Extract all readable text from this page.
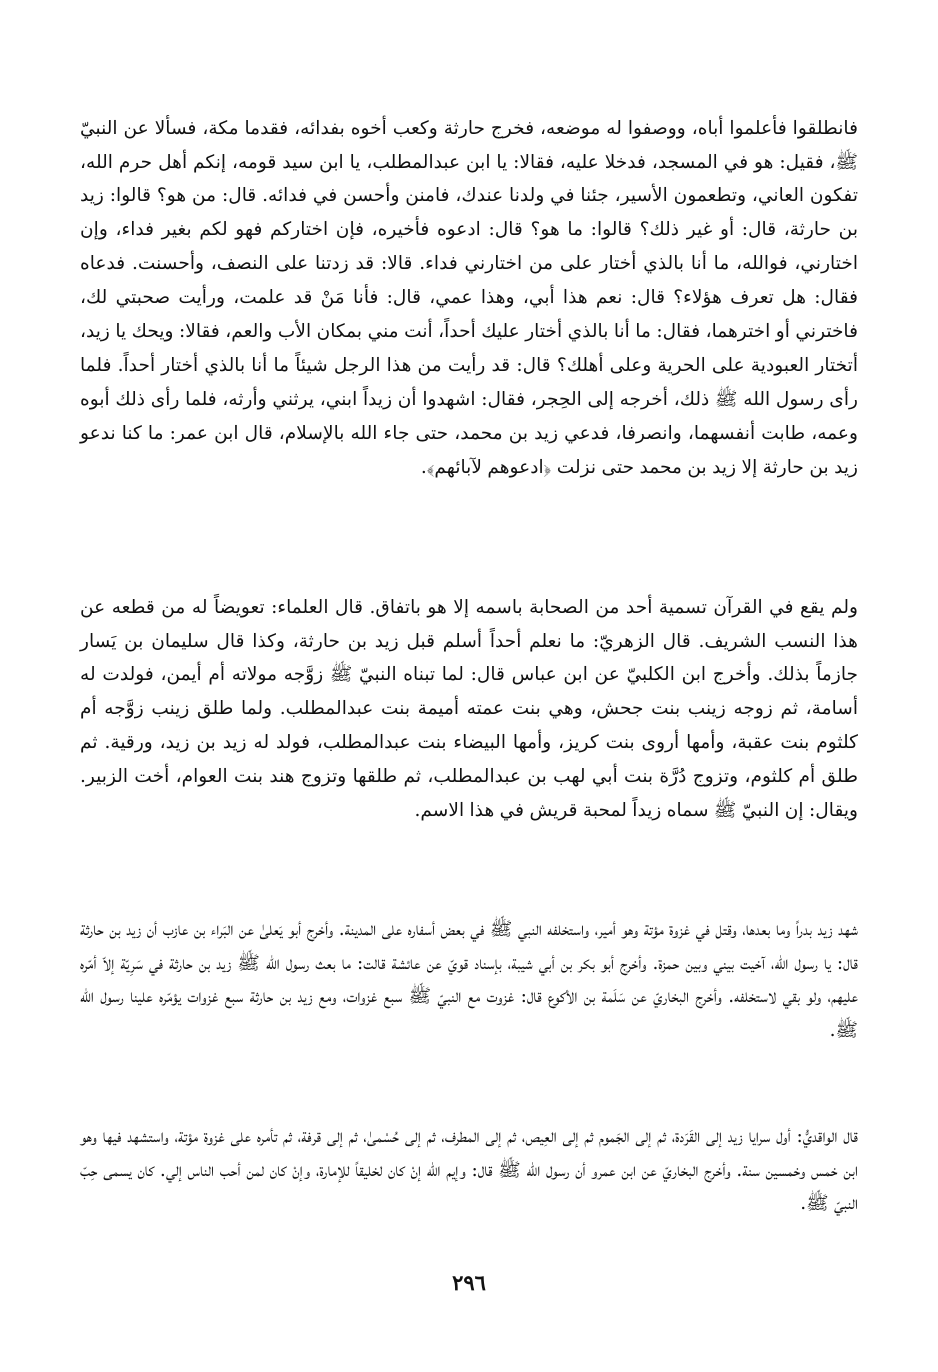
فانطلقوا فأعلموا أباه، ووصفوا له موضعه، فخرج حارثة وكعب أخوه بفدائه، فقدما مكة، فسألا عن النبيّ ﷺ، فقيل: هو في المسجد، فدخلا عليه، فقالا: يا ابن عبدالمطلب، يا ابن سيد قومه، إنكم أهل حرم الله، تفكون العاني، وتطعمون الأسير، جئنا في ولدنا عندك، فامنن وأحسن في فدائه. قال: من هو؟ قالوا: زيد بن حارثة، قال: أو غير ذلك؟ قالوا: ما هو؟ قال: ادعوه فأخيره، فإن اختاركم فهو لكم بغير فداء، وإن اختارني، فوالله، ما أنا بالذي أختار على من اختارني فداء. قالا: قد زدتنا على النصف، وأحسنت. فدعاه فقال: هل تعرف هؤلاء؟ قال: نعم هذا أبي، وهذا عمي، قال: فأنا مَنْ قد علمت، ورأيت صحبتي لك، فاخترني أو اخترهما، فقال: ما أنا بالذي أختار عليك أحداً، أنت مني بمكان الأب والعم، فقالا: ويحك يا زيد، أتختار العبودية على الحرية وعلى أهلك؟ قال: قد رأيت من هذا الرجل شيئاً ما أنا بالذي أختار أحداً. فلما رأى رسول الله ﷺ ذلك، أخرجه إلى الحِجر، فقال: اشهدوا أن زيداً ابني، يرثني وأرثه، فلما رأى ذلك أبوه وعمه، طابت أنفسهما، وانصرفا، فدعي زيد بن محمد، حتى جاء الله بالإسلام، قال ابن عمر: ما كنا ندعو زيد بن حارثة إلا زيد بن محمد حتى نزلت ﴿ادعوهم لآبائهم﴾.

ولم يقع في القرآن تسمية أحد من الصحابة باسمه إلا هو باتفاق. قال العلماء: تعويضاً له من قطعه عن هذا النسب الشريف. قال الزهريّ: ما نعلم أحداً أسلم قبل زيد بن حارثة، وكذا قال سليمان بن يَسار جازماً بذلك. وأخرج ابن الكلبيّ عن ابن عباس قال: لما تبناه النبيّ ﷺ زوَّجه مولاته أم أيمن، فولدت له أسامة، ثم زوجه زينب بنت جحش، وهي بنت عمته أميمة بنت عبدالمطلب. ولما طلق زينب زوَّجه أم كلثوم بنت عقبة، وأمها أروى بنت كريز، وأمها البيضاء بنت عبدالمطلب، فولد له زيد بن زيد، ورقية. ثم طلق أم كلثوم، وتزوج دُرَّة بنت أبي لهب بن عبدالمطلب، ثم طلقها وتزوج هند بنت العوام، أخت الزبير. ويقال: إن النبيّ ﷺ سماه زيداً لمحبة قريش في هذا الاسم.

شهد زيد بدراً وما بعدها، وقتل في غزوة مؤتة وهو أمير، واستخلفه النبي ﷺ في بعض أسفاره على المدينة. وأخرج أبو يَعلىٰ عن البَراء بن عازب أن زيد بن حارثة قال: يا رسول الله، آخيت بيني وبين حمزة. وأخرج أبو بكر بن أبي شيبة، بإسناد قويّ عن عائشة قالت: ما بعث رسول الله ﷺ زيد بن حارثة في سَرِيّة إلاّ أمّره عليهم، ولو بقي لاستخلفه. وأخرج البخاريّ عن سَلَمة بن الأكوع قال: غزوت مع النبيّ ﷺ سبع غزوات، ومع زيد بن حارثة سبع غزوات يؤمّره علينا رسول الله ﷺ.

قال الواقديُّ: أول سرايا زيد إلى القَرَدة، ثم إلى الجَموم ثم إلى العِيص، ثم إلى المطرف، ثم إلى حُسْمىٰ، ثم إلى قرفة، ثم تأمره على غزوة مؤتة، واستشهد فيها وهو ابن خمس وخمسين سنة. وأخرج البخاريّ عن ابن عمرو أن رسول الله ﷺ قال: وإيم الله إنْ كان لخليقاً للإمارة، وإنْ كان لمن أحب الناس إلي. كان يسمى حِبّ النبيّ ﷺ.

٢٩٦
